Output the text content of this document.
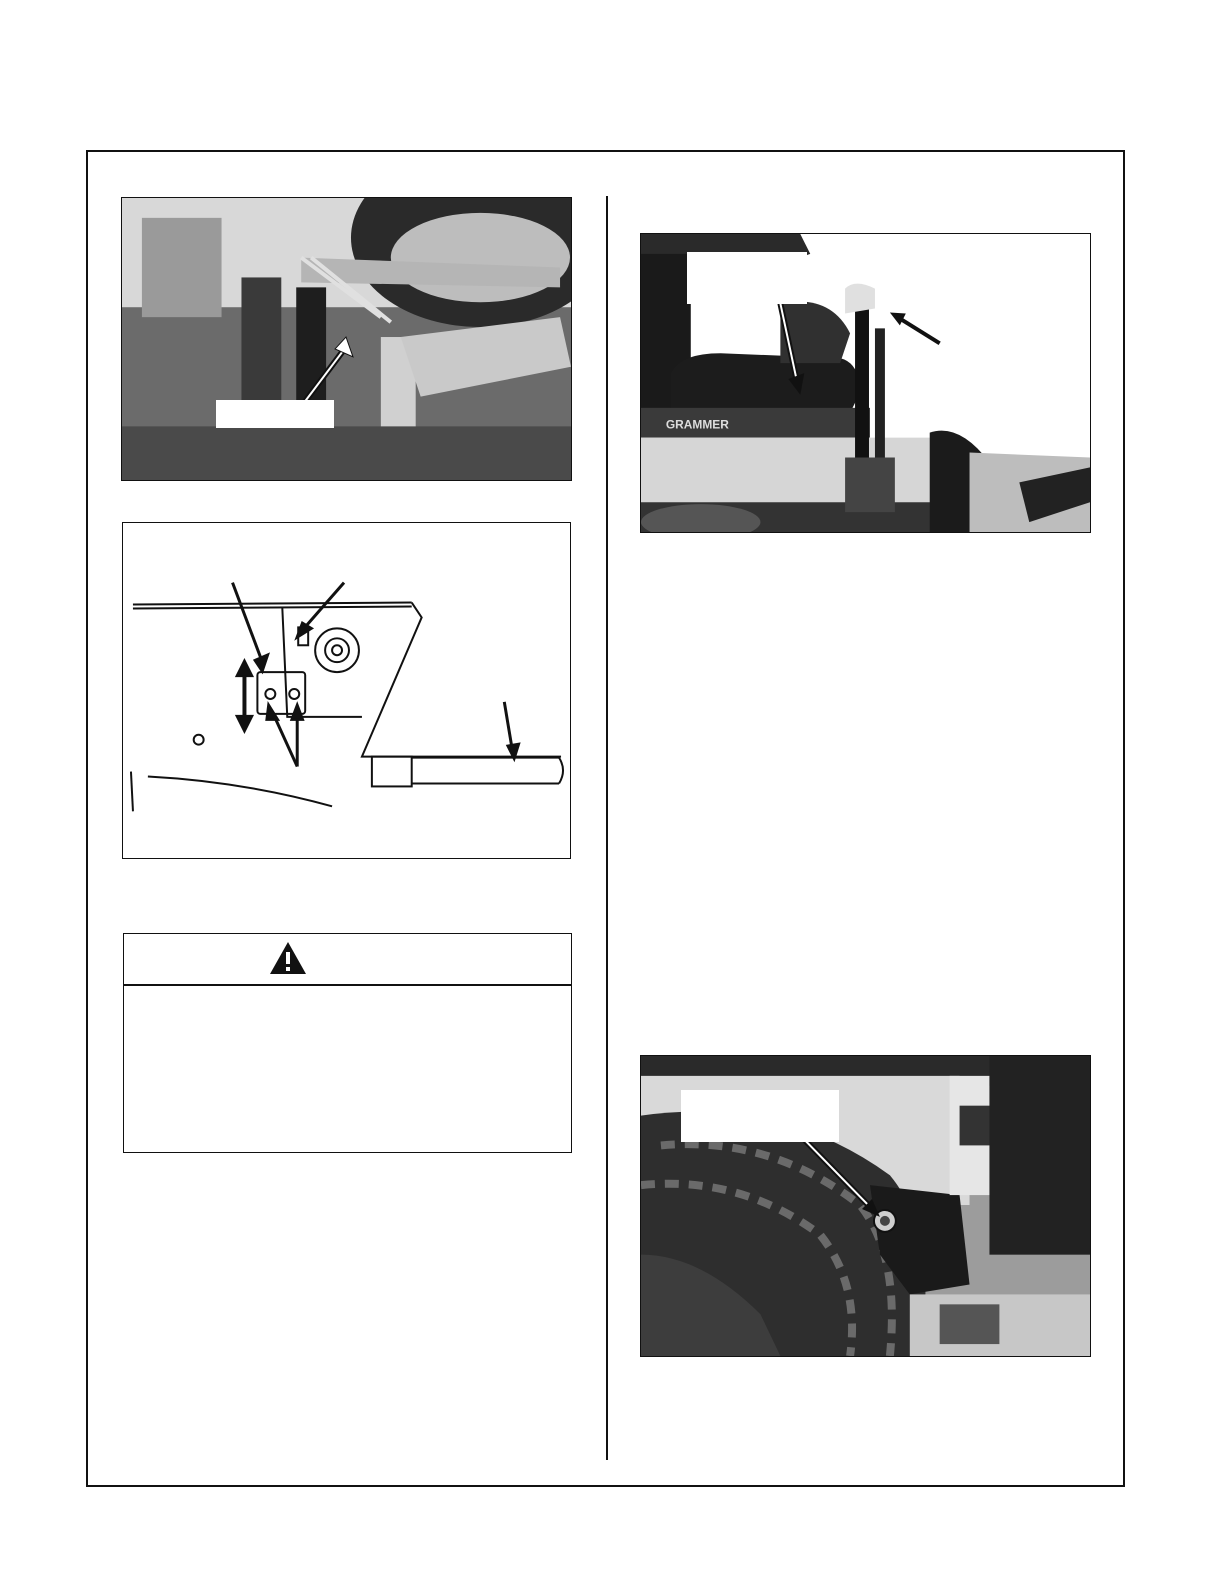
GRAMMER
